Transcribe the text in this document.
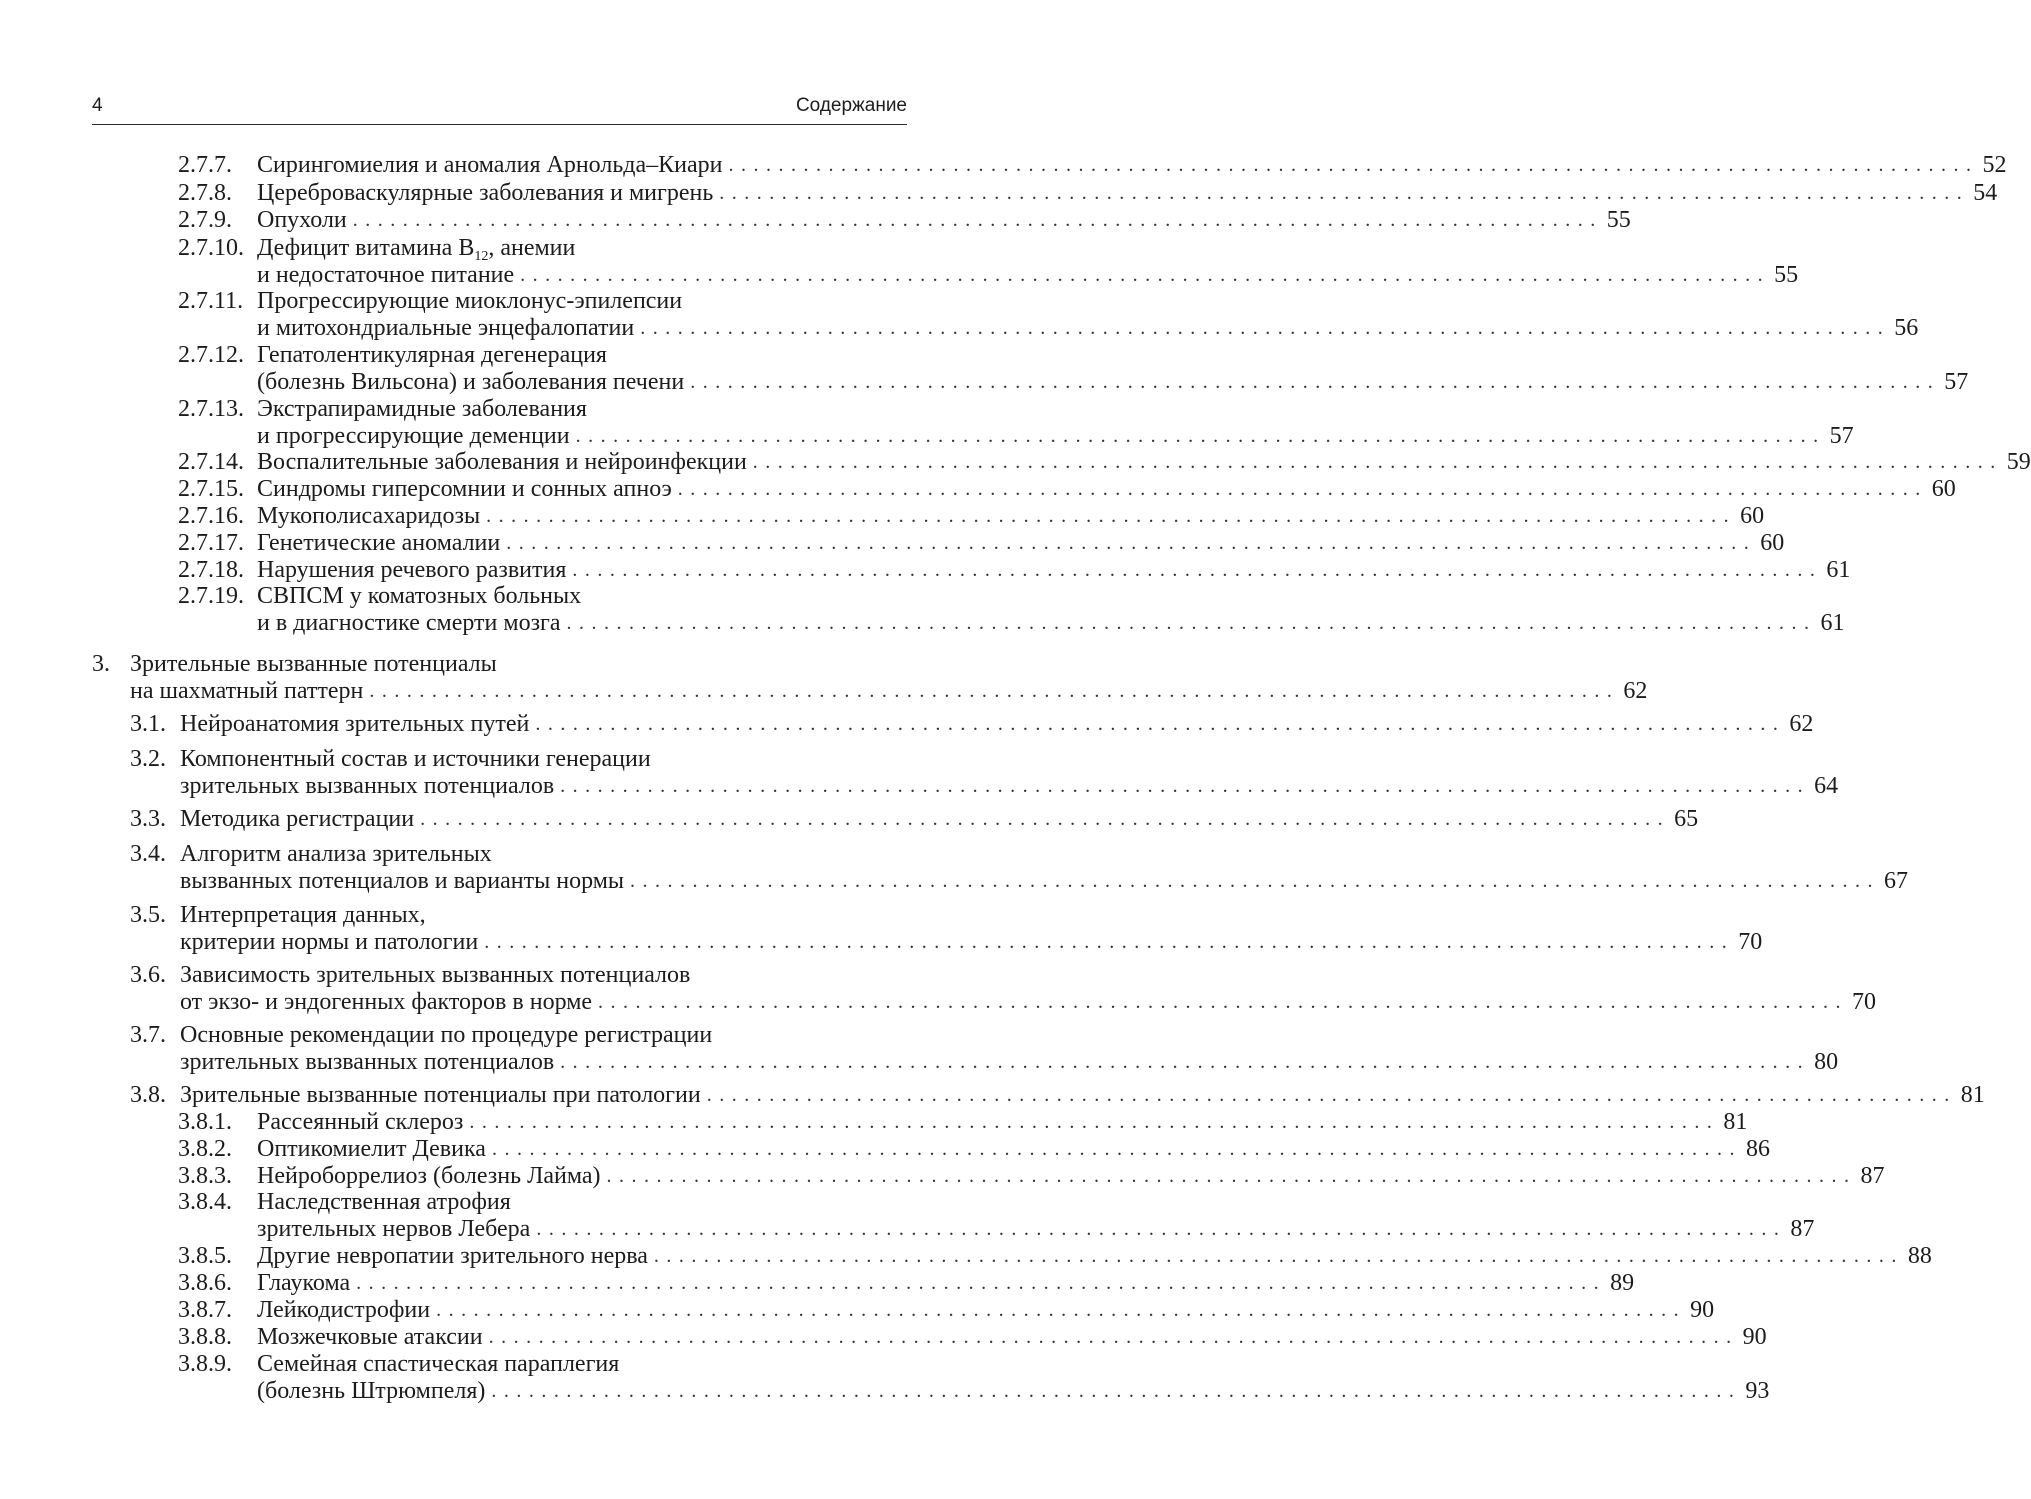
4	Содержание
2.7.7. Сирингомиелия и аномалия Арнольда–Киари .................................................................................................... 52
2.7.8. Цереброваскулярные заболевания и мигрень .................................................................................................... 54
2.7.9. Опухоли .................................................................................................... 55
2.7.10. Дефицит витамина $B_{12}$, анемии
и недостаточное питание .................................................................................................... 55
2.7.11. Прогрессирующие миоклонус-эпилепсии
и митохондриальные энцефалопатии .................................................................................................... 56
2.7.12. Гепатолентикулярная дегенерация
(болезнь Вильсона) и заболевания печени .................................................................................................... 57
2.7.13. Экстрапирамидные заболевания
и прогрессирующие деменции .................................................................................................... 57
2.7.14. Воспалительные заболевания и нейроинфекции .................................................................................................... 59
2.7.15. Синдромы гиперсомнии и сонных апноэ .................................................................................................... 60
2.7.16. Мукополисахаридозы .................................................................................................... 60
2.7.17. Генетические аномалии .................................................................................................... 60
2.7.18. Нарушения речевого развития .................................................................................................... 61
2.7.19. СВПСМ у коматозных больных
и в диагностике смерти мозга .................................................................................................... 61
3. Зрительные вызванные потенциалы
на шахматный паттерн .................................................................................................... 62
3.1. Нейроанатомия зрительных путей .................................................................................................... 62
3.2. Компонентный состав и источники генерации
зрительных вызванных потенциалов .................................................................................................... 64
3.3. Методика регистрации .................................................................................................... 65
3.4. Алгоритм анализа зрительных
вызванных потенциалов и варианты нормы .................................................................................................... 67
3.5. Интерпретация данных,
критерии нормы и патологии .................................................................................................... 70
3.6. Зависимость зрительных вызванных потенциалов
от экзо- и эндогенных факторов в норме .................................................................................................... 70
3.7. Основные рекомендации по процедуре регистрации
зрительных вызванных потенциалов .................................................................................................... 80
3.8. Зрительные вызванные потенциалы при патологии .................................................................................................... 81
3.8.1. Рассеянный склероз .................................................................................................... 81
3.8.2. Оптикомиелит Девика .................................................................................................... 86
3.8.3. Нейроборрелиоз (болезнь Лайма) .................................................................................................... 87
3.8.4. Наследственная атрофия
зрительных нервов Лебера .................................................................................................... 87
3.8.5. Другие невропатии зрительного нерва .................................................................................................... 88
3.8.6. Глаукома .................................................................................................... 89
3.8.7. Лейкодистрофии .................................................................................................... 90
3.8.8. Мозжечковые атаксии .................................................................................................... 90
3.8.9. Семейная спастическая параплегия
(болезнь Штрюмпеля) .................................................................................................... 93
